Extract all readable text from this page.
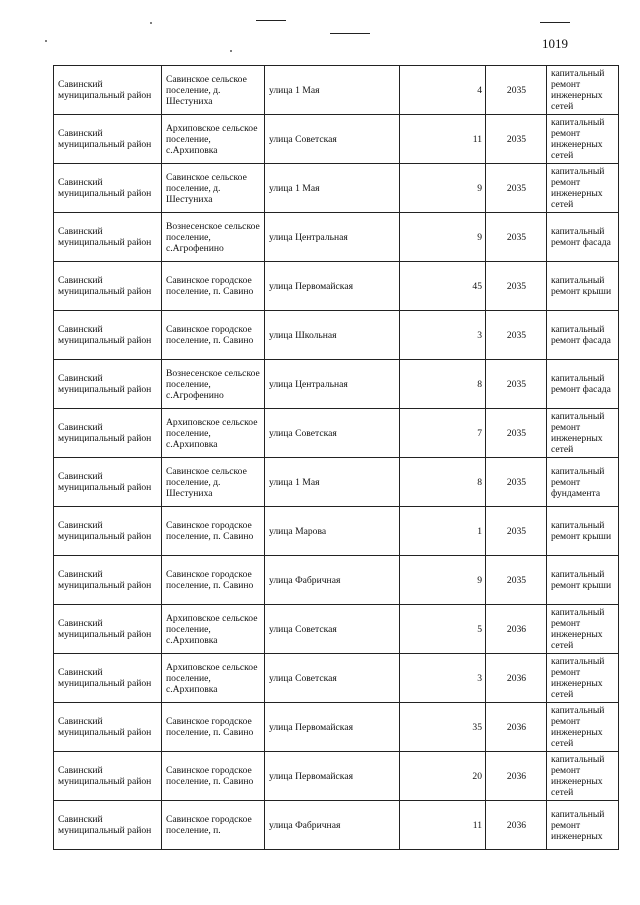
1019
Савинский муниципальный район	Савинское сельское поселение, д. Шестуниха	улица 1 Мая	4	2035	капитальный ремонт инженерных сетей
Савинский муниципальный район	Архиповское сельское поселение, с.Архиповка	улица Советская	11	2035	капитальный ремонт инженерных сетей
Савинский муниципальный район	Савинское сельское поселение, д. Шестуниха	улица 1 Мая	9	2035	капитальный ремонт инженерных сетей
Савинский муниципальный район	Вознесенское сельское поселение, с.Агрофенино	улица Центральная	9	2035	капитальный ремонт фасада
Савинский муниципальный район	Савинское городское поселение, п. Савино	улица Первомайская	45	2035	капитальный ремонт крыши
Савинский муниципальный район	Савинское городское поселение, п. Савино	улица Школьная	3	2035	капитальный ремонт фасада
Савинский муниципальный район	Вознесенское сельское поселение, с.Агрофенино	улица Центральная	8	2035	капитальный ремонт фасада
Савинский муниципальный район	Архиповское сельское поселение, с.Архиповка	улица Советская	7	2035	капитальный ремонт инженерных сетей
Савинский муниципальный район	Савинское сельское поселение, д. Шестуниха	улица 1 Мая	8	2035	капитальный ремонт фундамента
Савинский муниципальный район	Савинское городское поселение, п. Савино	улица Марова	1	2035	капитальный ремонт крыши
Савинский муниципальный район	Савинское городское поселение, п. Савино	улица Фабричная	9	2035	капитальный ремонт крыши
Савинский муниципальный район	Архиповское сельское поселение, с.Архиповка	улица Советская	5	2036	капитальный ремонт инженерных сетей
Савинский муниципальный район	Архиповское сельское поселение, с.Архиповка	улица Советская	3	2036	капитальный ремонт инженерных сетей
Савинский муниципальный район	Савинское городское поселение, п. Савино	улица Первомайская	35	2036	капитальный ремонт инженерных сетей
Савинский муниципальный район	Савинское городское поселение, п. Савино	улица Первомайская	20	2036	капитальный ремонт инженерных сетей
Савинский муниципальный район	Савинское городское поселение, п.	улица Фабричная	11	2036	капитальный ремонт инженерных
